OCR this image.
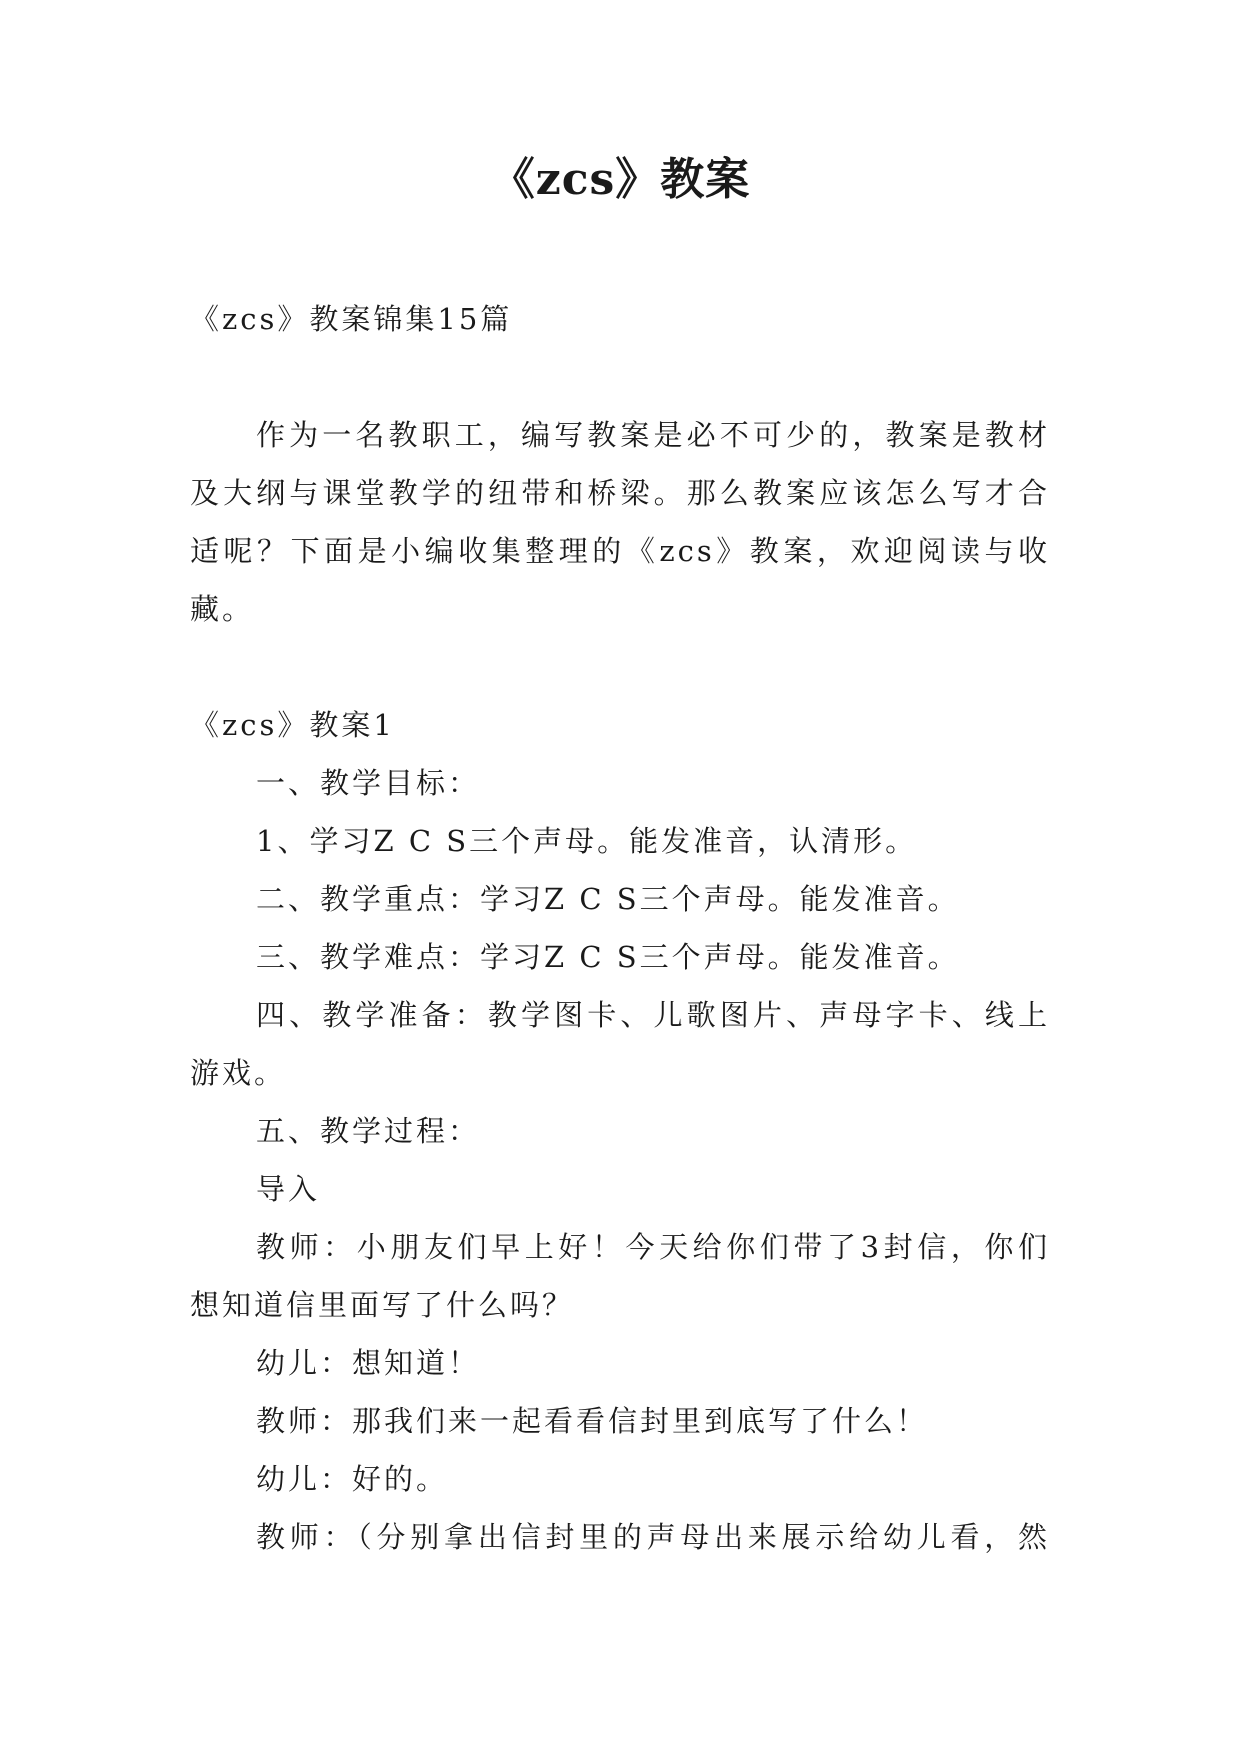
《zcs》教案
《zcs》教案锦集15篇
作为一名教职工，编写教案是必不可少的，教案是教材
及大纲与课堂教学的纽带和桥梁。那么教案应该怎么写才合
适呢？下面是小编收集整理的《zcs》教案，欢迎阅读与收
藏。
《zcs》教案1
一、教学目标：
1、学习Z C S三个声母。能发准音，认清形。
二、教学重点：学习Z C S三个声母。能发准音。
三、教学难点：学习Z C S三个声母。能发准音。
四、教学准备：教学图卡、儿歌图片、声母字卡、线上
游戏。
五、教学过程：
导入
教师：小朋友们早上好！今天给你们带了3封信，你们
想知道信里面写了什么吗？
幼儿：想知道！
教师：那我们来一起看看信封里到底写了什么！
幼儿：好的。
教师：（分别拿出信封里的声母出来展示给幼儿看，然
